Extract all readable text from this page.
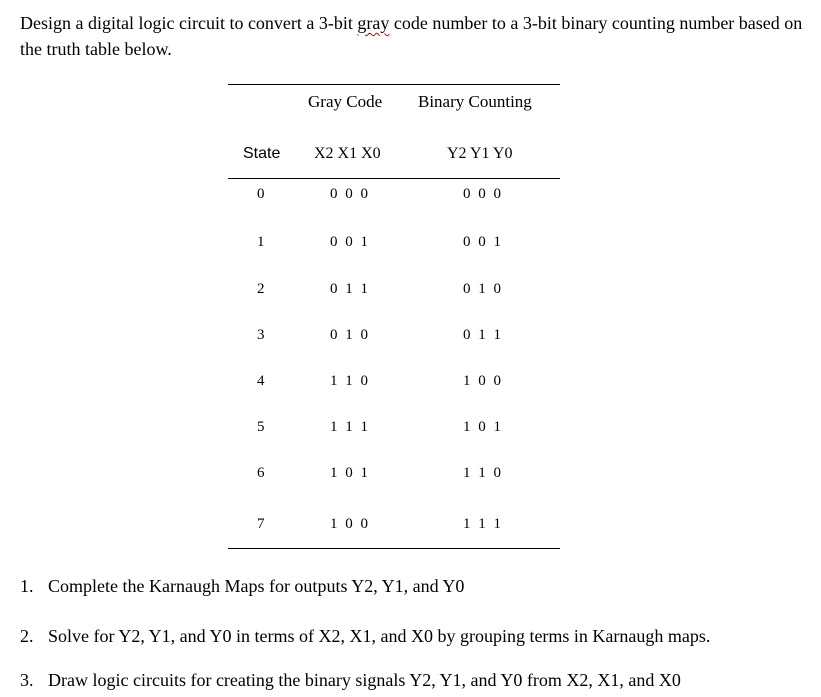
Design a digital logic circuit to convert a 3-bit gray code number to a 3-bit binary counting number based on the truth table below.
Gray Code Binary Counting
State X2 X1 X0	Y2 Y1 Y0
0	0 0 0	0 0 0
1	0 0 1	0 0 1
2	0 1 1	0 1 0
3	0 1 0	0 1 1
4	1 1 0	1 0 0
5	1 1 1	1 0 1
6	1 0 1	1 1 0
7	1 0 0	1 1 1
1. Complete the Karnaugh Maps for outputs Y2, Y1, and Y0
2. Solve for Y2, Y1, and Y0 in terms of X2, X1, and X0 by grouping terms in Karnaugh maps.
3. Draw logic circuits for creating the binary signals Y2, Y1, and Y0 from X2, X1, and X0
